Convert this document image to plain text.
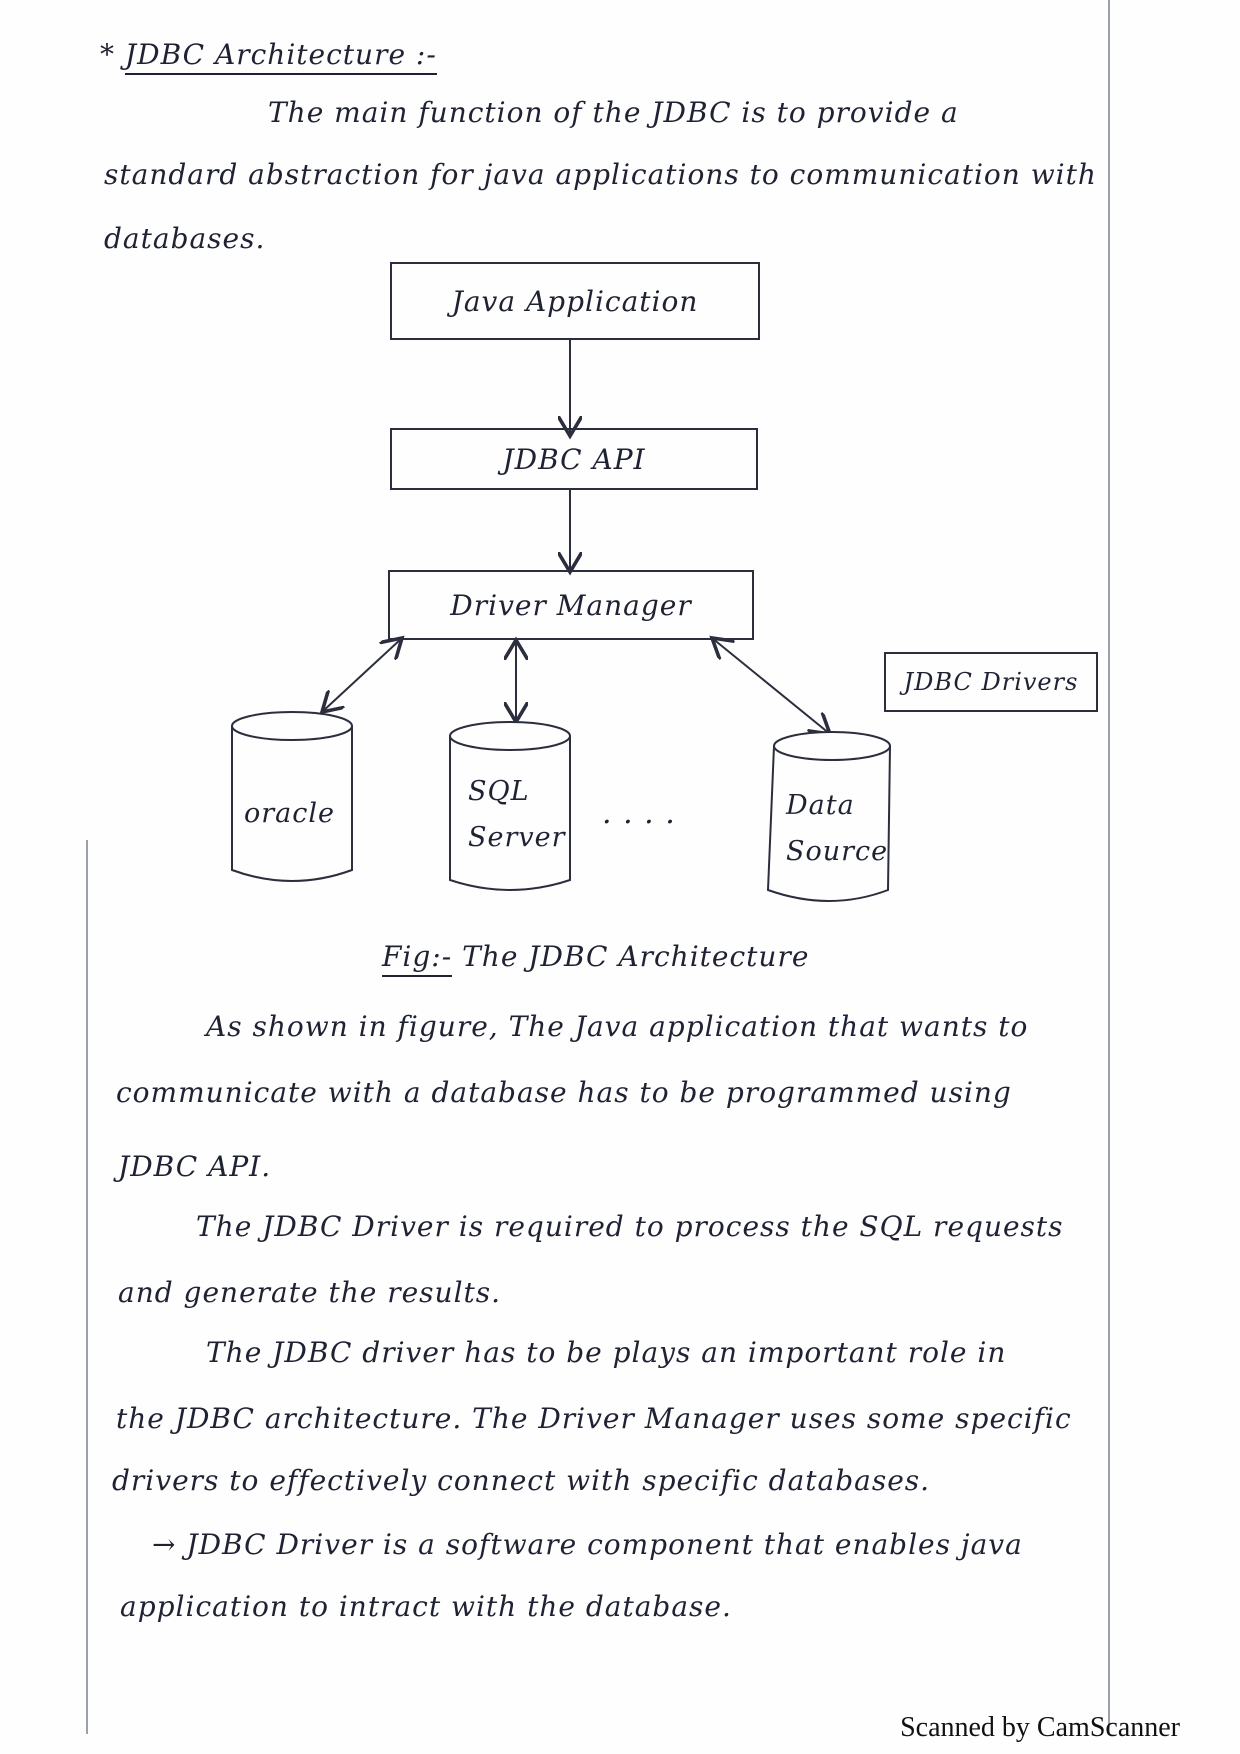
* JDBC Architecture :-
The main function of the JDBC is to provide a
standard abstraction for java applications to communication with
databases.
Java Application
JDBC API
Driver Manager
JDBC Drivers
oracle
SQL
Server
. . . .	Data
Source
Fig:- The JDBC Architecture
As shown in figure, The Java application that wants to
communicate with a database has to be programmed using
JDBC API.
The JDBC Driver is required to process the SQL requests
and generate the results.
The JDBC driver has to be plays an important role in
the JDBC architecture. The Driver Manager uses some specific
drivers to effectively connect with specific databases.
→ JDBC Driver is a software component that enables java
application to intract with the database.
Scanned by CamScanner
